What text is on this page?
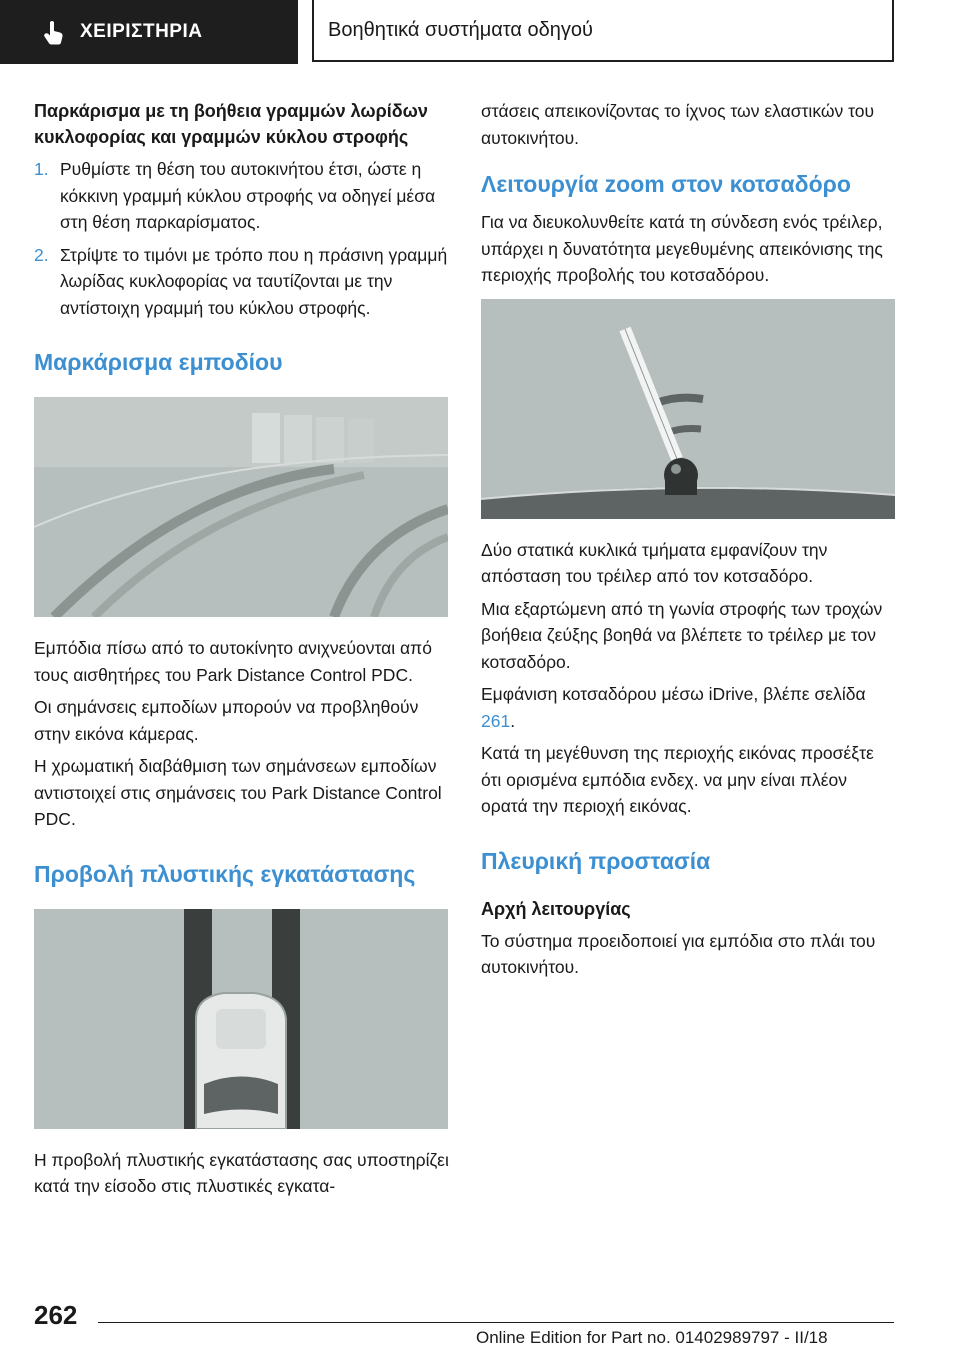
ΧΕΙΡΙΣΤΗΡΙΑ	Βοηθητικά συστήματα οδηγού
Παρκάρισμα με τη βοήθεια γραμμών λωρίδων κυκλοφορίας και γραμμών κύκλου στροφής
1. Ρυθμίστε τη θέση του αυτοκινήτου έτσι, ώστε η κόκκινη γραμμή κύκλου στροφής να οδηγεί μέσα στη θέση παρκαρίσματος.
2. Στρίψτε το τιμόνι με τρόπο που η πράσινη γραμμή λωρίδας κυκλοφορίας να ταυτίζονται με την αντίστοιχη γραμμή του κύκλου στροφής.
Μαρκάρισμα εμποδίου

Εμπόδια πίσω από το αυτοκίνητο ανιχνεύονται από τους αισθητήρες του Park Distance Control PDC.

Οι σημάνσεις εμποδίων μπορούν να προβληθούν στην εικόνα κάμερας.

Η χρωματική διαβάθμιση των σημάνσεων εμποδίων αντιστοιχεί στις σημάνσεις του Park Distance Control PDC.

Προβολή πλυστικής εγκατάστασης

Η προβολή πλυστικής εγκατάστασης σας υποστηρίζει κατά την είσοδο στις πλυστικές εγκατα-

στάσεις απεικονίζοντας το ίχνος των ελαστικών του αυτοκινήτου.

Λειτουργία zoom στον κοτσαδόρο

Για να διευκολυνθείτε κατά τη σύνδεση ενός τρέιλερ, υπάρχει η δυνατότητα μεγεθυμένης απεικόνισης της περιοχής προβολής του κοτσαδόρου.

Δύο στατικά κυκλικά τμήματα εμφανίζουν την απόσταση του τρέιλερ από τον κοτσαδόρο.

Μια εξαρτώμενη από τη γωνία στροφής των τροχών βοήθεια ζεύξης βοηθά να βλέπετε το τρέιλερ με τον κοτσαδόρο.

Εμφάνιση κοτσαδόρου μέσω iDrive, βλέπε σελίδα 261.

Κατά τη μεγέθυνση της περιοχής εικόνας προσέξτε ότι ορισμένα εμπόδια ενδεχ. να μην είναι πλέον ορατά την περιοχή εικόνας.

Πλευρική προστασία
Αρχή λειτουργίας

Το σύστημα προειδοποιεί για εμπόδια στο πλάι του αυτοκινήτου.

262
Online Edition for Part no. 01402989797 - II/18
